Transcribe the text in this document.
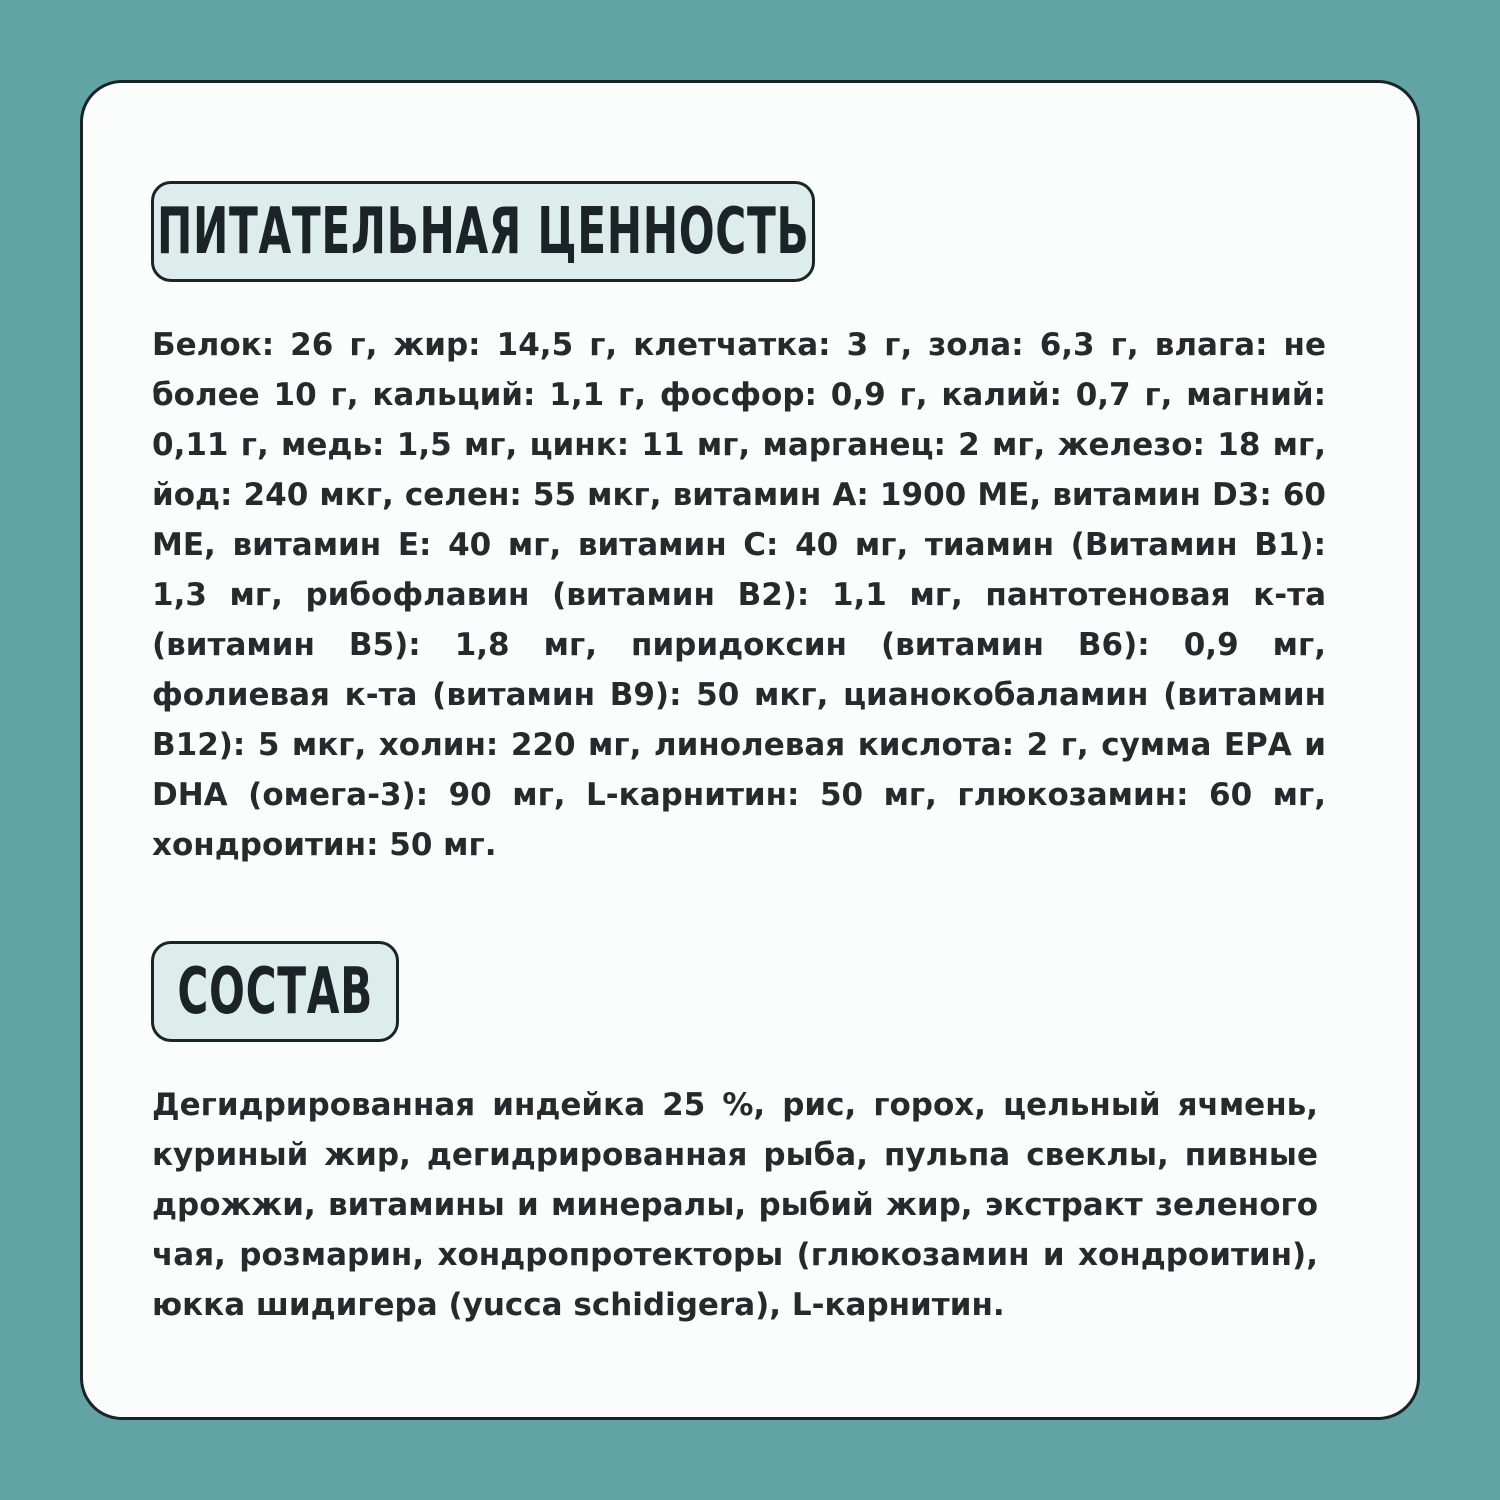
ПИТАТЕЛЬНАЯ ЦЕННОСТЬ

Белок: 26 г, жир: 14,5 г, клетчатка: 3 г, зола: 6,3 г, влага: не более 10 г, кальций: 1,1 г, фосфор: 0,9 г, калий: 0,7 г, магний: 0,11 г, медь: 1,5 мг, цинк: 11 мг, марганец: 2 мг, железо: 18 мг, йод: 240 мкг, селен: 55 мкг, витамин А: 1900 МЕ, витамин D3: 60 МЕ, витамин Е: 40 мг, витамин С: 40 мг, тиамин (Витамин В1): 1,3 мг, рибофлавин (витамин В2): 1,1 мг, пантотеновая к-та (витамин В5): 1,8 мг, пиридоксин (витамин В6): 0,9 мг, фолиевая к-та (витамин В9): 50 мкг, цианокобаламин (витамин В12): 5 мкг, холин: 220 мг, линолевая кислота: 2 г, сумма ЕРА и DHA (омега-3): 90 мг, L-карнитин: 50 мг, глюкозамин: 60 мг, хондроитин: 50 мг.

СОСТАВ

Дегидрированная индейка 25 %, рис, горох, цельный ячмень, куриный жир, дегидрированная рыба, пульпа свеклы, пивные дрожжи, витамины и минералы, рыбий жир, экстракт зеленого чая, розмарин, хондропротекторы (глюкозамин и хондроитин), юкка шидигера (yucca schidigera), L-карнитин.
